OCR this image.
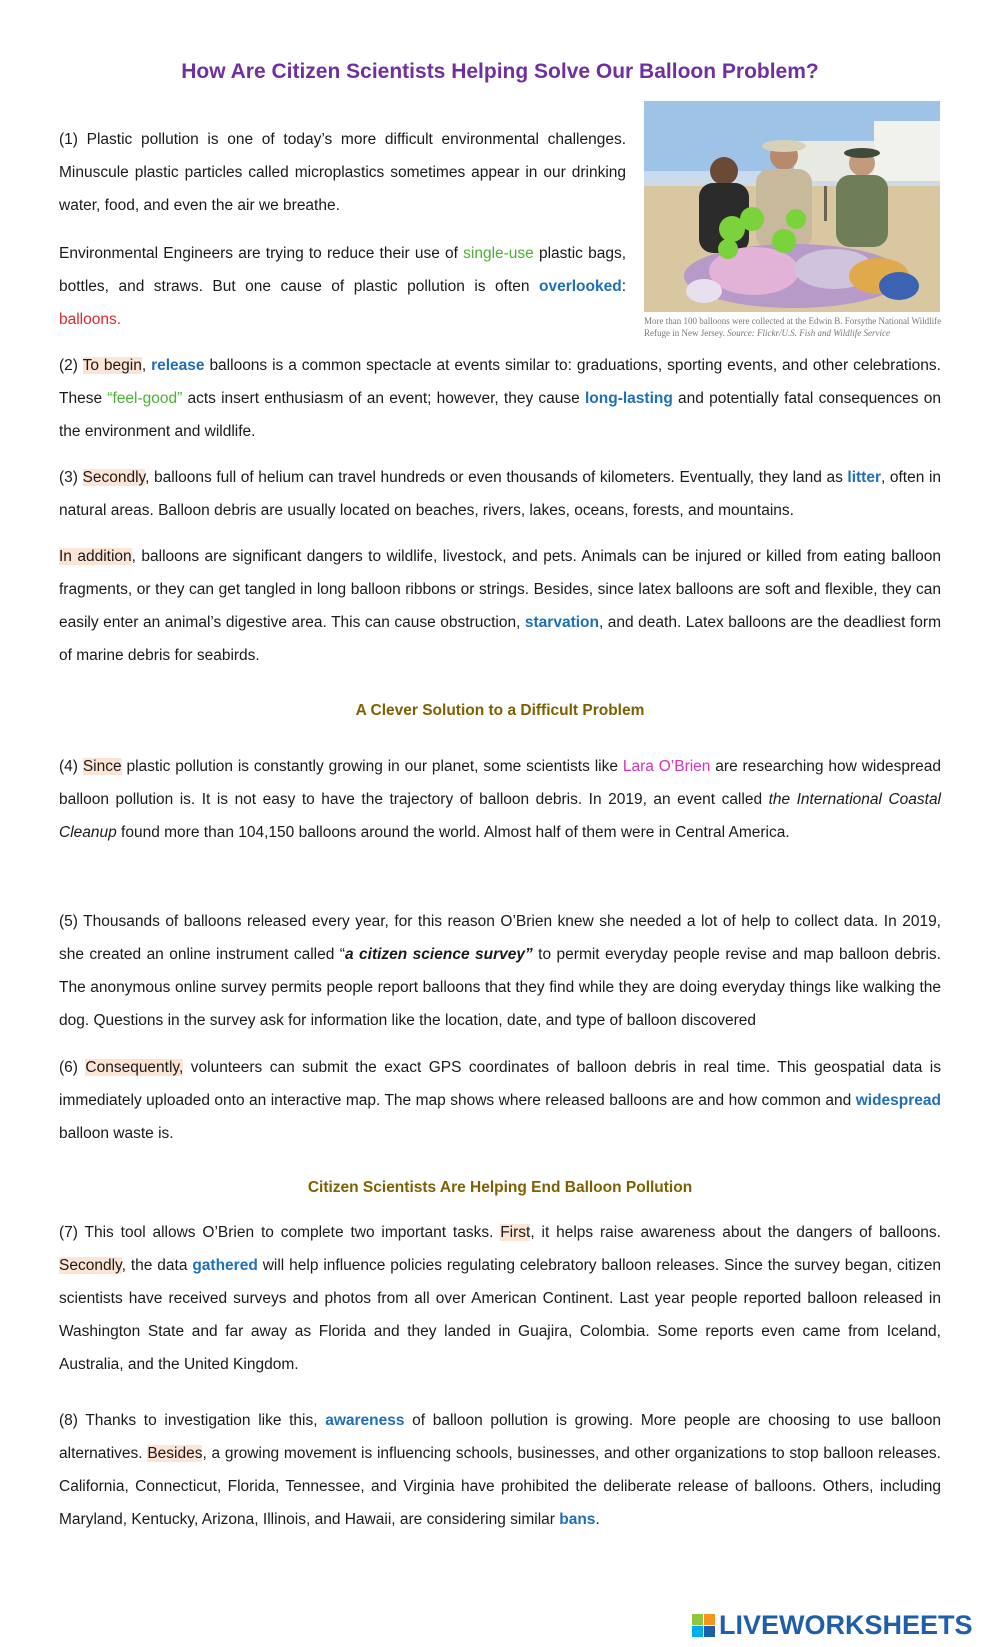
How Are Citizen Scientists Helping Solve Our Balloon Problem?

More than 100 balloons were collected at the Edwin B. Forsythe National Wildlife Refuge in New Jersey. Source: Flickr/U.S. Fish and Wildlife Service

(1) Plastic pollution is one of today’s more difficult environmental challenges. Minuscule plastic particles called microplastics sometimes appear in our drinking water, food, and even the air we breathe.

Environmental Engineers are trying to reduce their use of single-use plastic bags, bottles, and straws. But one cause of plastic pollution is often overlooked: balloons.

(2) To begin, release balloons is a common spectacle at events similar to: graduations, sporting events, and other celebrations. These “feel-good” acts insert enthusiasm of an event; however, they cause long-lasting and potentially fatal consequences on the environment and wildlife.

(3) Secondly, balloons full of helium can travel hundreds or even thousands of kilometers. Eventually, they land as litter, often in natural areas. Balloon debris are usually located on beaches, rivers, lakes, oceans, forests, and mountains.

In addition, balloons are significant dangers to wildlife, livestock, and pets. Animals can be injured or killed from eating balloon fragments, or they can get tangled in long balloon ribbons or strings. Besides, since latex balloons are soft and flexible, they can easily enter an animal’s digestive area. This can cause obstruction, starvation, and death. Latex balloons are the deadliest form of marine debris for seabirds.

A Clever Solution to a Difficult Problem

(4) Since plastic pollution is constantly growing in our planet, some scientists like Lara O’Brien are researching how widespread balloon pollution is. It is not easy to have the trajectory of balloon debris. In 2019, an event called the International Coastal Cleanup found more than 104,150 balloons around the world. Almost half of them were in Central America.

(5) Thousands of balloons released every year, for this reason O’Brien knew she needed a lot of help to collect data. In 2019, she created an online instrument called “a citizen science survey” to permit everyday people revise and map balloon debris. The anonymous online survey permits people report balloons that they find while they are doing everyday things like walking the dog. Questions in the survey ask for information like the location, date, and type of balloon discovered

(6) Consequently, volunteers can submit the exact GPS coordinates of balloon debris in real time. This geospatial data is immediately uploaded onto an interactive map. The map shows where released balloons are and how common and widespread balloon waste is.

Citizen Scientists Are Helping End Balloon Pollution

(7) This tool allows O’Brien to complete two important tasks. First, it helps raise awareness about the dangers of balloons. Secondly, the data gathered will help influence policies regulating celebratory balloon releases. Since the survey began, citizen scientists have received surveys and photos from all over American Continent. Last year people reported balloon released in Washington State and far away as Florida and they landed in Guajira, Colombia. Some reports even came from Iceland, Australia, and the United Kingdom.

(8) Thanks to investigation like this, awareness of balloon pollution is growing. More people are choosing to use balloon alternatives. Besides, a growing movement is influencing schools, businesses, and other organizations to stop balloon releases. California, Connecticut, Florida, Tennessee, and Virginia have prohibited the deliberate release of balloons. Others, including Maryland, Kentucky, Arizona, Illinois, and Hawaii, are considering similar bans.

LIVEWORKSHEETS
